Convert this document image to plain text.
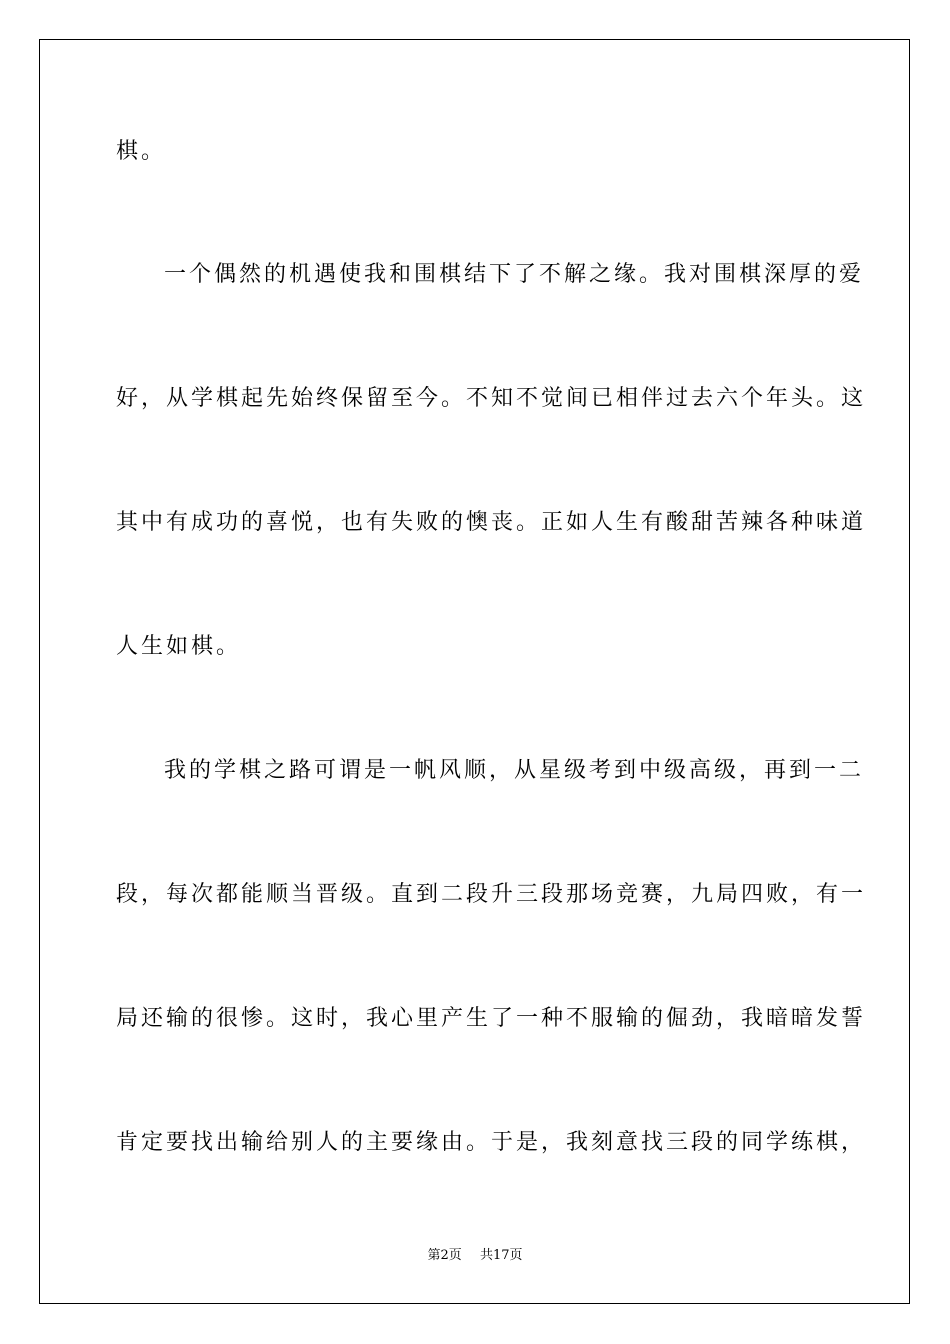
棋。
一个偶然的机遇使我和围棋结下了不解之缘。我对围棋深厚的爱
好，从学棋起先始终保留至今。不知不觉间已相伴过去六个年头。这
其中有成功的喜悦，也有失败的懊丧。正如人生有酸甜苦辣各种味道
人生如棋。
我的学棋之路可谓是一帆风顺，从星级考到中级高级，再到一二
段，每次都能顺当晋级。直到二段升三段那场竞赛，九局四败，有一
局还输的很惨。这时，我心里产生了一种不服输的倔劲，我暗暗发誓
肯定要找出输给别人的主要缘由。于是，我刻意找三段的同学练棋，
第2页 共17页
